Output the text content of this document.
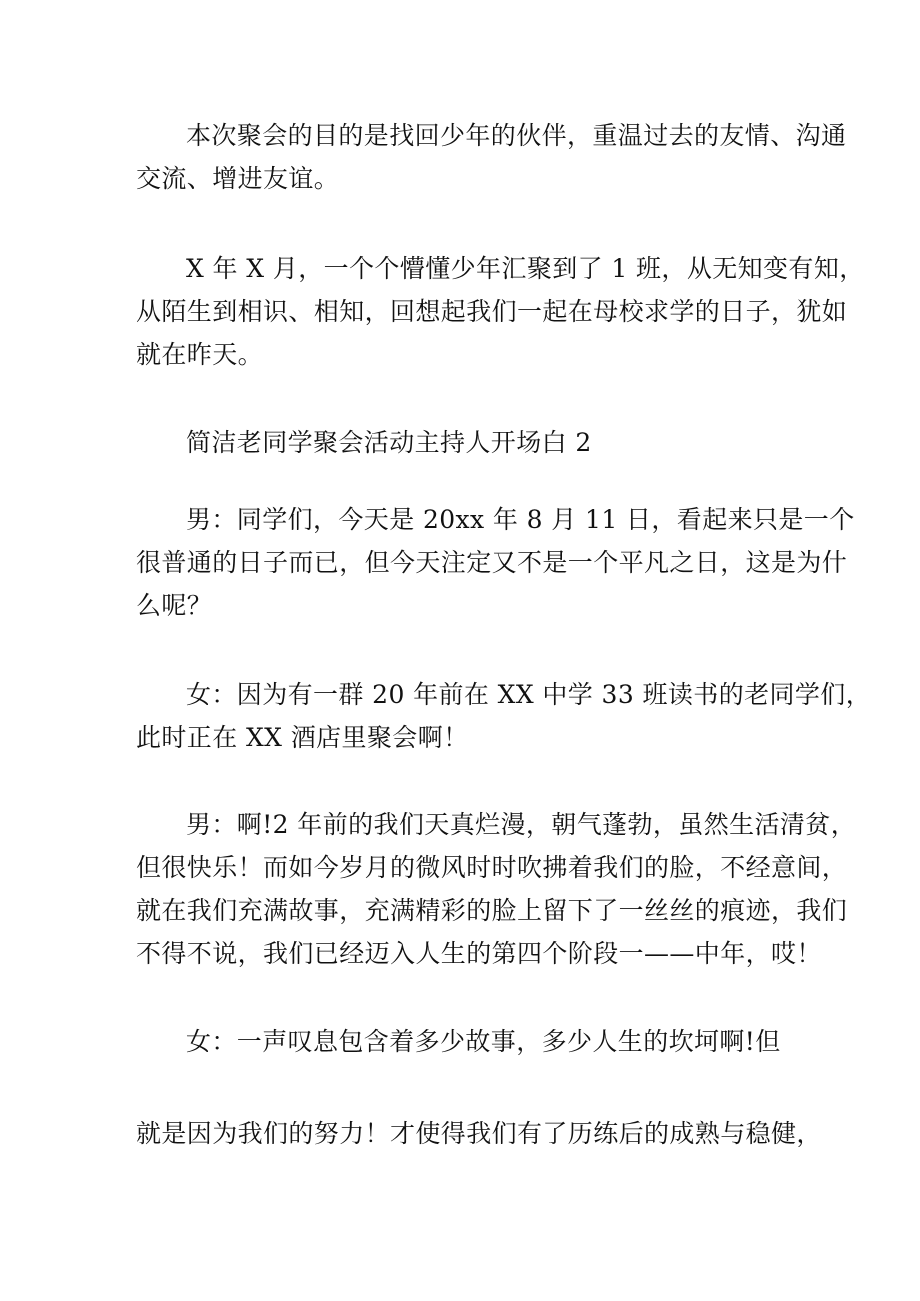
本次聚会的目的是找回少年的伙伴，重温过去的友情、沟通
交流、增进友谊。

X 年 X 月，一个个懵懂少年汇聚到了 1 班，从无知变有知，
从陌生到相识、相知，回想起我们一起在母校求学的日子，犹如
就在昨天。

简洁老同学聚会活动主持人开场白 2

男：同学们，今天是 20xx 年 8 月 11 日，看起来只是一个
很普通的日子而已，但今天注定又不是一个平凡之日，这是为什
么呢？

女：因为有一群 20 年前在 XX 中学 33 班读书的老同学们，
此时正在 XX 酒店里聚会啊！

男：啊!2 年前的我们天真烂漫，朝气蓬勃，虽然生活清贫，
但很快乐！而如今岁月的微风时时吹拂着我们的脸，不经意间，
就在我们充满故事，充满精彩的脸上留下了一丝丝的痕迹，我们
不得不说，我们已经迈入人生的第四个阶段一——中年，哎！

女：一声叹息包含着多少故事，多少人生的坎坷啊!但

就是因为我们的努力！才使得我们有了历练后的成熟与稳健，
